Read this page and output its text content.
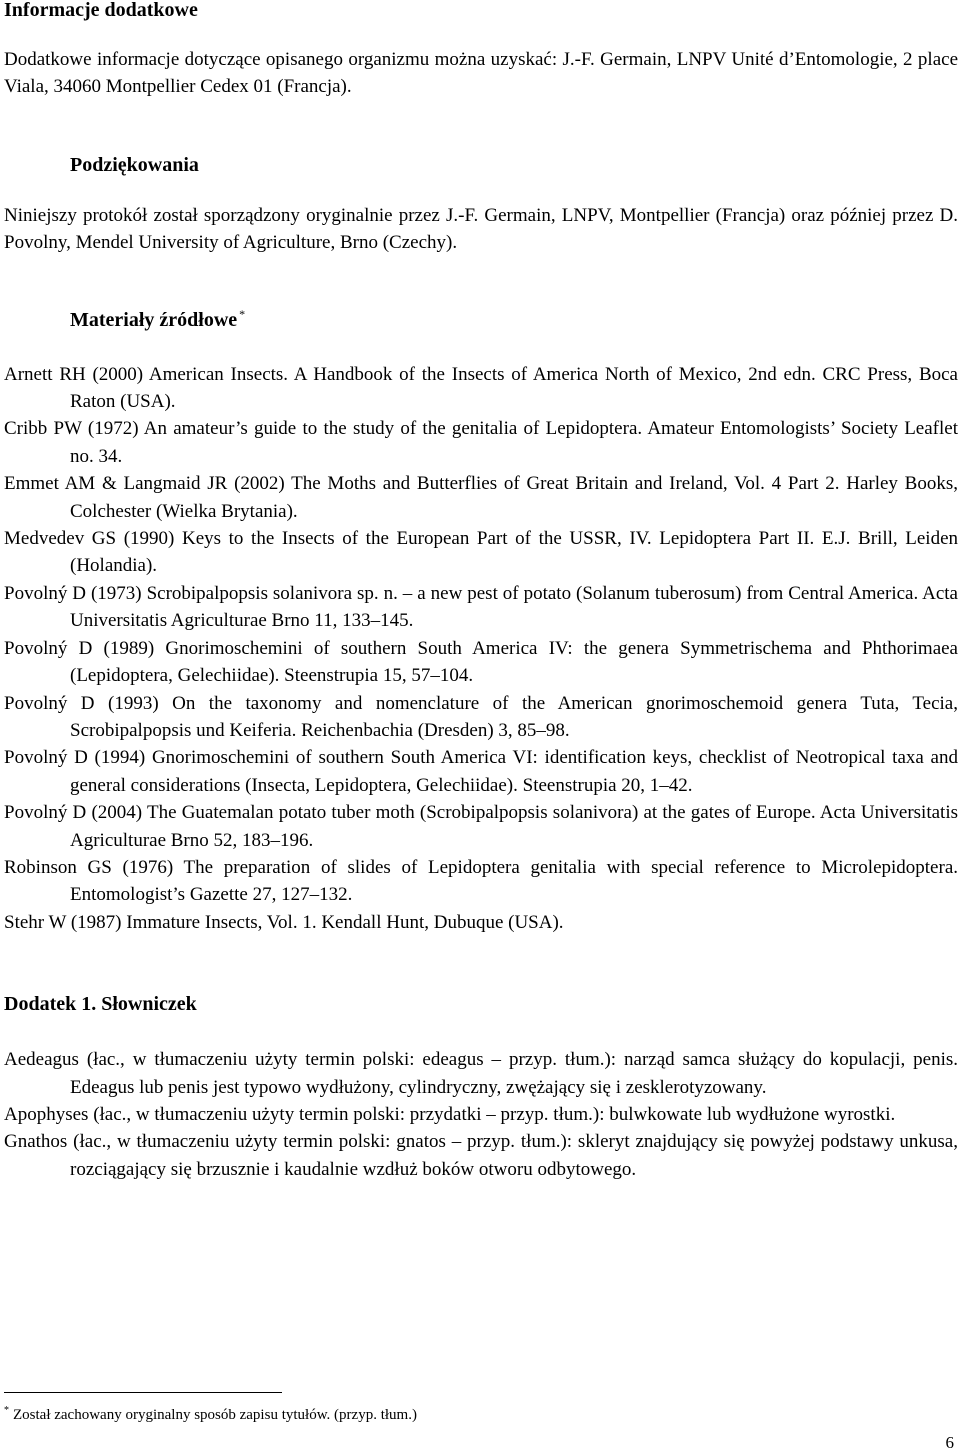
Informacje dodatkowe

Dodatkowe informacje dotyczące opisanego organizmu można uzyskać: J.-F. Germain, LNPV Unité d’Entomologie, 2 place Viala, 34060 Montpellier Cedex 01 (Francja).

Podziękowania

Niniejszy protokół został sporządzony oryginalnie przez J.-F. Germain, LNPV, Montpellier (Francja) oraz później przez D. Povolny, Mendel University of Agriculture, Brno (Czechy).

Materiały źródłowe *

Arnett RH (2000) American Insects. A Handbook of the Insects of America North of Mexico, 2nd edn. CRC Press, Boca Raton (USA).

Cribb PW (1972) An amateur’s guide to the study of the genitalia of Lepidoptera. Amateur Entomologists’ Society Leaflet no. 34.

Emmet AM & Langmaid JR (2002) The Moths and Butterflies of Great Britain and Ireland, Vol. 4 Part 2. Harley Books, Colchester (Wielka Brytania).

Medvedev GS (1990) Keys to the Insects of the European Part of the USSR, IV. Lepidoptera Part II. E.J. Brill, Leiden (Holandia).

Povolný D (1973) Scrobipalpopsis solanivora sp. n. – a new pest of potato (Solanum tuberosum) from Central America. Acta Universitatis Agriculturae Brno 11, 133–145.

Povolný D (1989) Gnorimoschemini of southern South America IV: the genera Symmetrischema and Phthorimaea (Lepidoptera, Gelechiidae). Steenstrupia 15, 57–104.

Povolný D (1993) On the taxonomy and nomenclature of the American gnorimoschemoid genera Tuta, Tecia, Scrobipalpopsis und Keiferia. Reichenbachia (Dresden) 3, 85–98.

Povolný D (1994) Gnorimoschemini of southern South America VI: identification keys, checklist of Neotropical taxa and general considerations (Insecta, Lepidoptera, Gelechiidae). Steenstrupia 20, 1–42.

Povolný D (2004) The Guatemalan potato tuber moth (Scrobipalpopsis solanivora) at the gates of Europe. Acta Universitatis Agriculturae Brno 52, 183–196.

Robinson GS (1976) The preparation of slides of Lepidoptera genitalia with special reference to Microlepidoptera. Entomologist’s Gazette 27, 127–132.

Stehr W (1987) Immature Insects, Vol. 1. Kendall Hunt, Dubuque (USA).

Dodatek 1. Słowniczek

Aedeagus (łac., w tłumaczeniu użyty termin polski: edeagus – przyp. tłum.): narząd samca służący do kopulacji, penis. Edeagus lub penis jest typowo wydłużony, cylindryczny, zwężający się i zesklerotyzowany.

Apophyses (łac., w tłumaczeniu użyty termin polski: przydatki – przyp. tłum.): bulwkowate lub wydłużone wyrostki.

Gnathos (łac., w tłumaczeniu użyty termin polski: gnatos – przyp. tłum.): skleryt znajdujący się powyżej podstawy unkusa, rozciągający się brzusznie i kaudalnie wzdłuż boków otworu odbytowego.

* Został zachowany oryginalny sposób zapisu tytułów. (przyp. tłum.)
6
